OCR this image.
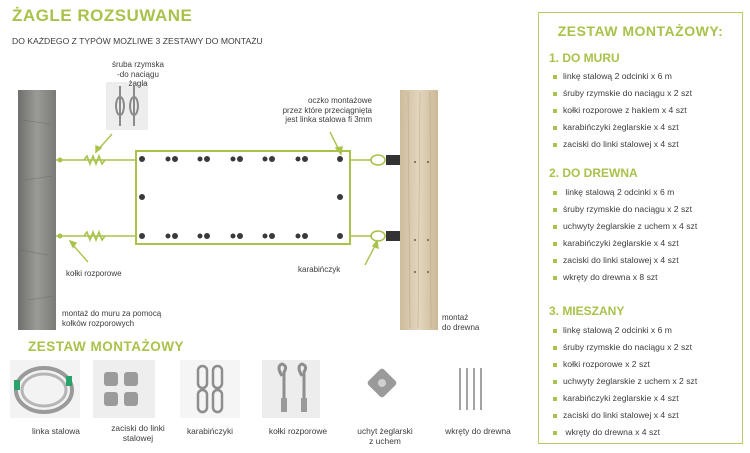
ŻAGLE ROZSUWANE
DO KAŻDEGO Z TYPÓW MOŻLIWE 3 ZESTAWY DO MONTAŻU
śruba rzymska
-do naciągu żagla
oczko montażowe
przez które przeciągnięta
jest linka stalowa fi 3mm
kołki rozporowe	karabińczyk
montaż do muru za pomocą
kołków rozporowych
montaż
do drewna
ZESTAW MONTAŻOWY
linka stalowa	zaciski do linki
stalowej
karabińczyki	kołki rozporowe	uchyt żeglarski
z uchem
wkręty do drewna
ZESTAW MONTAŻOWY:
1. DO MURU
linkę stalową 2 odcinki x 6 m
śruby rzymskie do naciągu x 2 szt
kołki rozporowe z hakiem x 4 szt
karabińczyki żeglarskie x 4 szt
zaciski do linki stalowej x 4 szt
2. DO DREWNA
linkę stalową 2 odcinki x 6 m
śruby rzymskie do naciągu x 2 szt
uchwyty żeglarskie z uchem x 4 szt
karabińczyki żeglarskie x 4 szt
zaciski do linki stalowej x 4 szt
wkręty do drewna x 8 szt
3. MIESZANY
linkę stalową 2 odcinki x 6 m
śruby rzymskie do naciągu x 2 szt
kołki rozporowe x 2 szt
uchwyty żeglarskie z uchem x 2 szt
karabińczyki żeglarskie x 4 szt
zaciski do linki stalowej x 4 szt
wkręty do drewna x 4 szt
